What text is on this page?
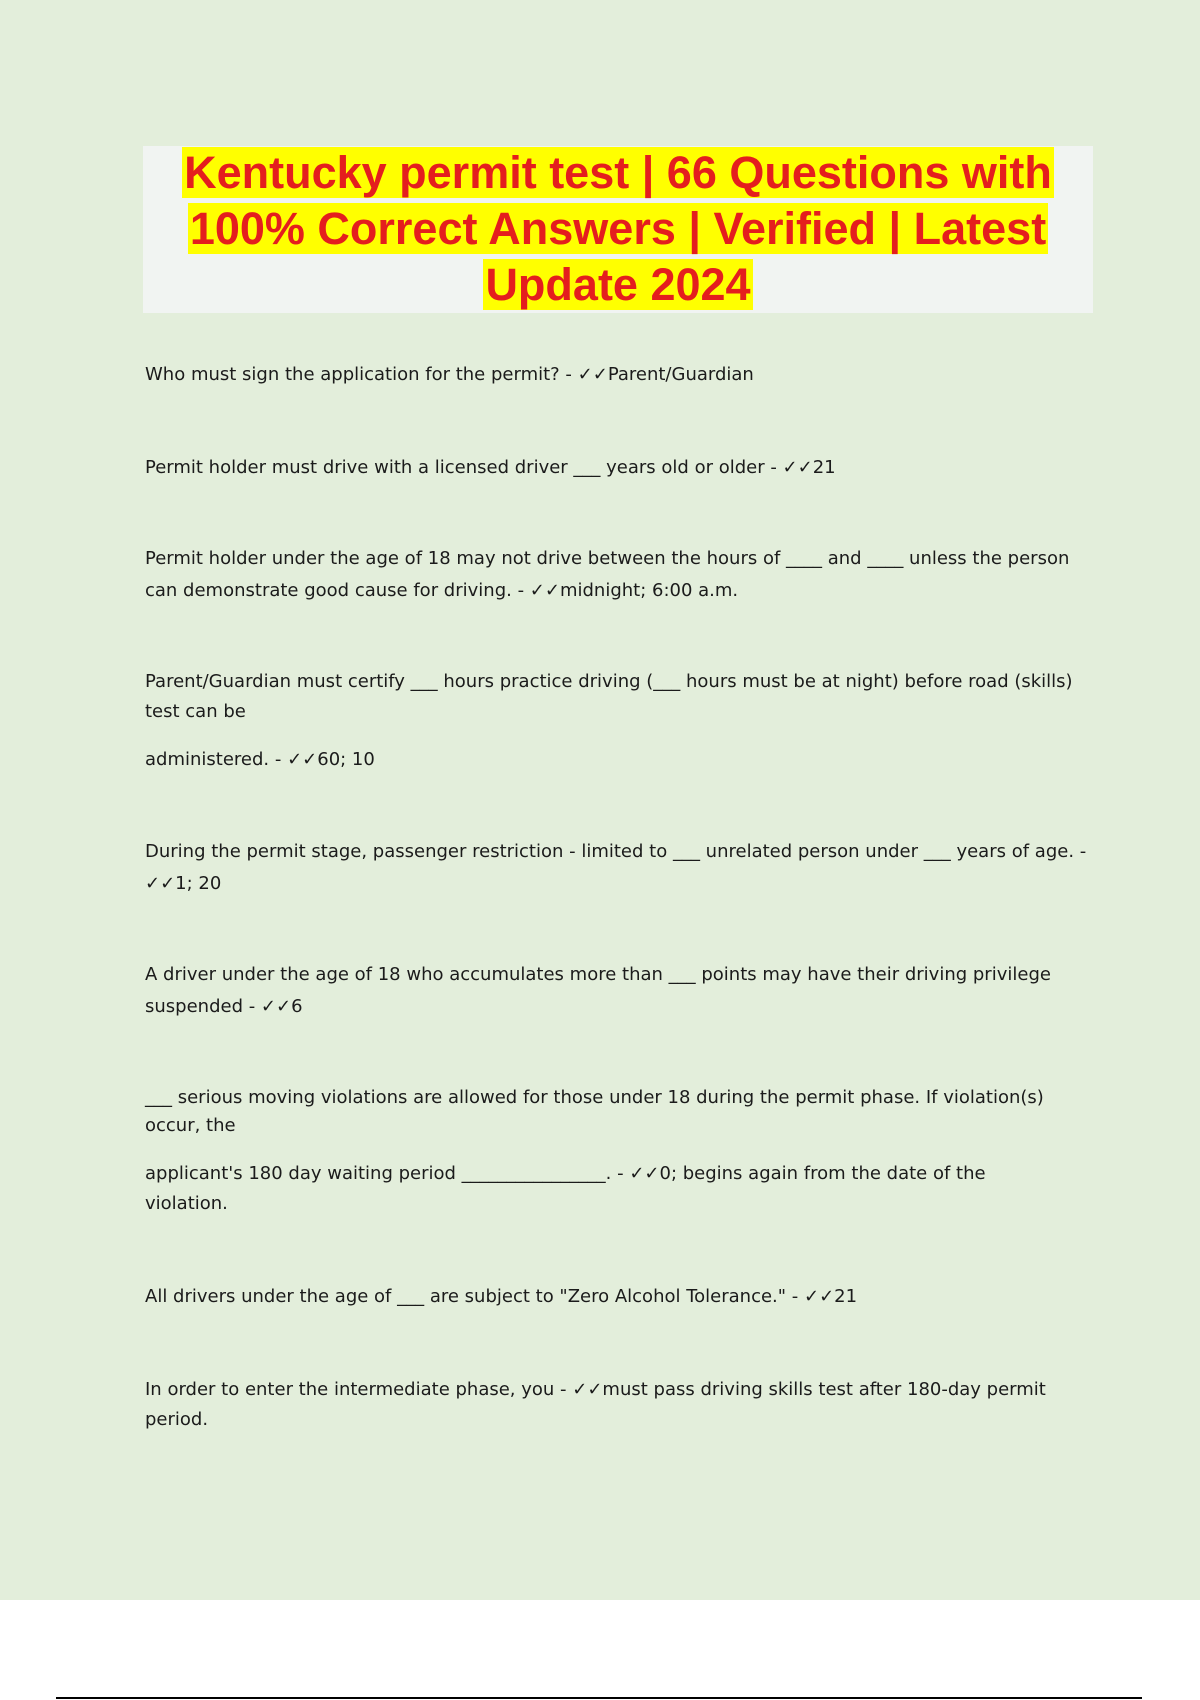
Kentucky permit test | 66 Questions with
100% Correct Answers | Verified | Latest
Update 2024

Who must sign the application for the permit? - ✓✓Parent/Guardian

Permit holder must drive with a licensed driver ___ years old or older - ✓✓21

Permit holder under the age of 18 may not drive between the hours of ____ and ____ unless the person

can demonstrate good cause for driving. - ✓✓midnight; 6:00 a.m.

Parent/Guardian must certify ___ hours practice driving (___ hours must be at night) before road (skills)

test can be

administered. - ✓✓60; 10

During the permit stage, passenger restriction - limited to ___ unrelated person under ___ years of age. -

✓✓1; 20

A driver under the age of 18 who accumulates more than ___ points may have their driving privilege

suspended - ✓✓6

___ serious moving violations are allowed for those under 18 during the permit phase. If violation(s)

occur, the

applicant's 180 day waiting period ________________. - ✓✓0; begins again from the date of the

violation.

All drivers under the age of ___ are subject to "Zero Alcohol Tolerance." - ✓✓21

In order to enter the intermediate phase, you - ✓✓must pass driving skills test after 180-day permit

period.
